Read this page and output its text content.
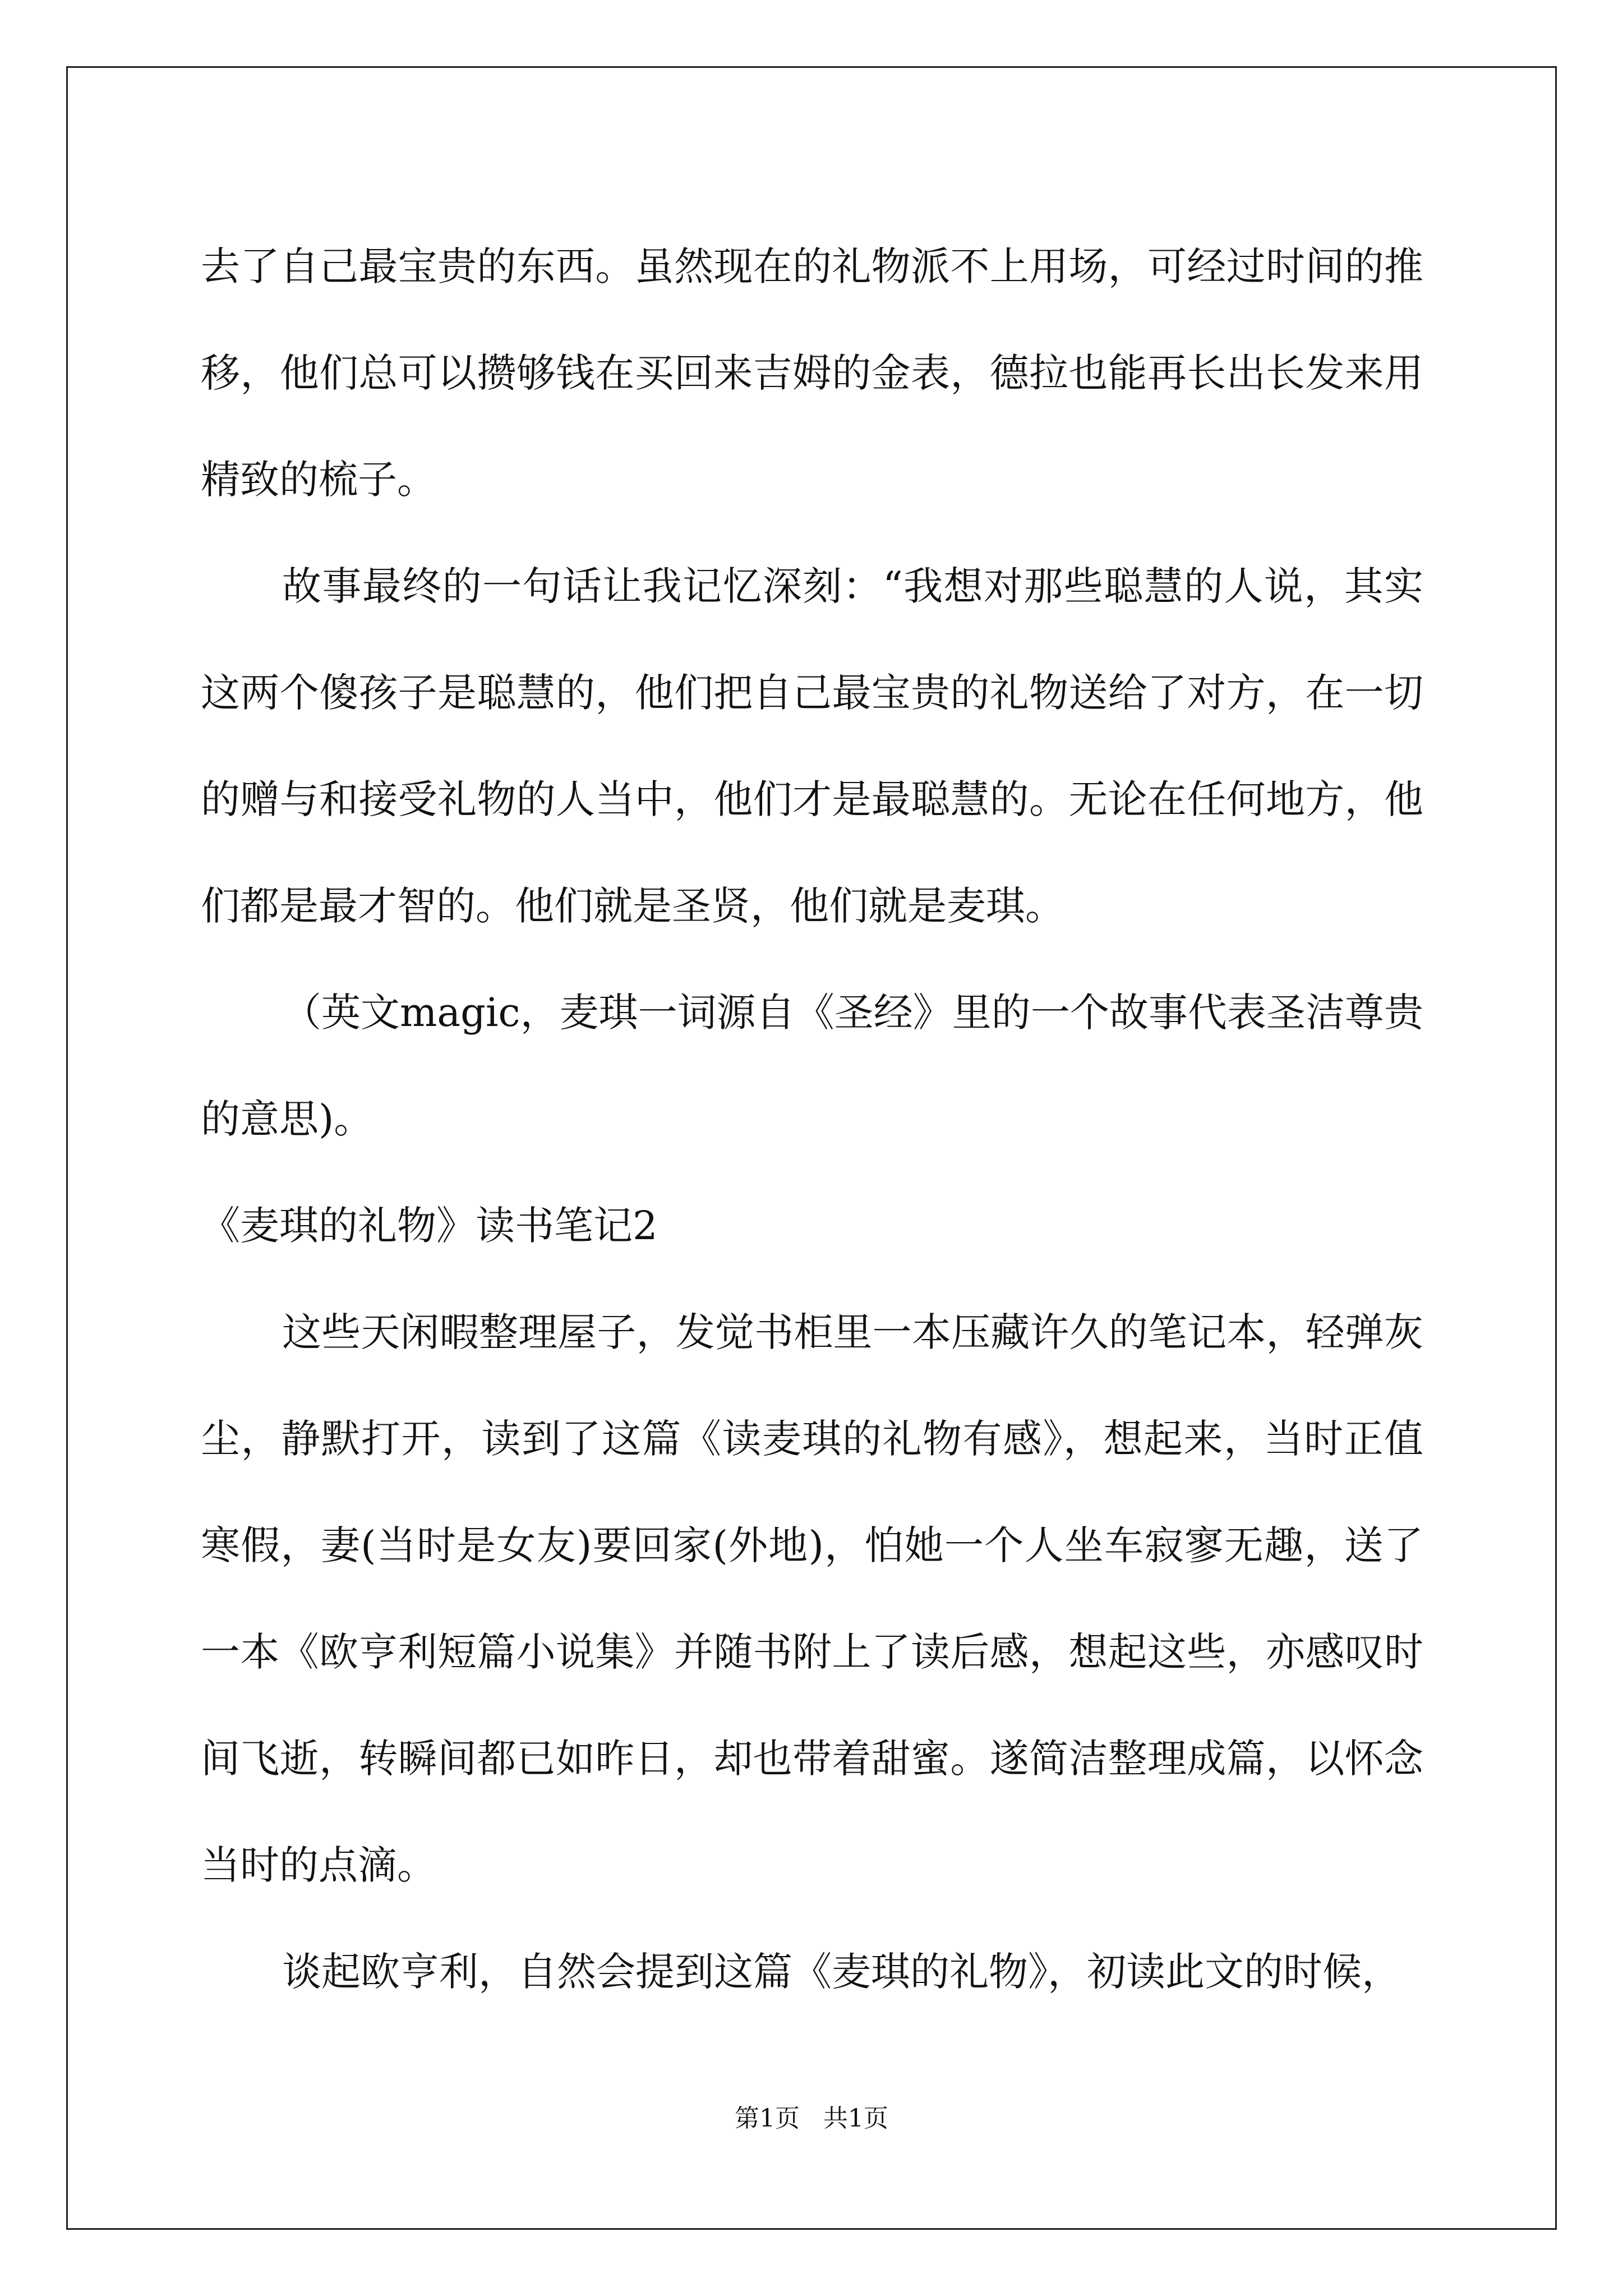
去了自己最宝贵的东西。虽然现在的礼物派不上用场，可经过时间的推移，他们总可以攒够钱在买回来吉姆的金表，德拉也能再长出长发来用精致的梳子。

故事最终的一句话让我记忆深刻：“我想对那些聪慧的人说，其实这两个傻孩子是聪慧的，他们把自己最宝贵的礼物送给了对方，在一切的赠与和接受礼物的人当中，他们才是最聪慧的。无论在任何地方，他们都是最才智的。他们就是圣贤，他们就是麦琪。

（英文magic，麦琪一词源自《圣经》里的一个故事代表圣洁尊贵的意思)。

《麦琪的礼物》读书笔记2

这些天闲暇整理屋子，发觉书柜里一本压藏许久的笔记本，轻弹灰尘，静默打开，读到了这篇《读麦琪的礼物有感》，想起来，当时正值寒假，妻(当时是女友)要回家(外地)，怕她一个人坐车寂寥无趣，送了一本《欧亨利短篇小说集》并随书附上了读后感，想起这些，亦感叹时间飞逝，转瞬间都已如昨日，却也带着甜蜜。遂简洁整理成篇，以怀念当时的点滴。

谈起欧亨利，自然会提到这篇《麦琪的礼物》，初读此文的时候，

第1页 共1页
